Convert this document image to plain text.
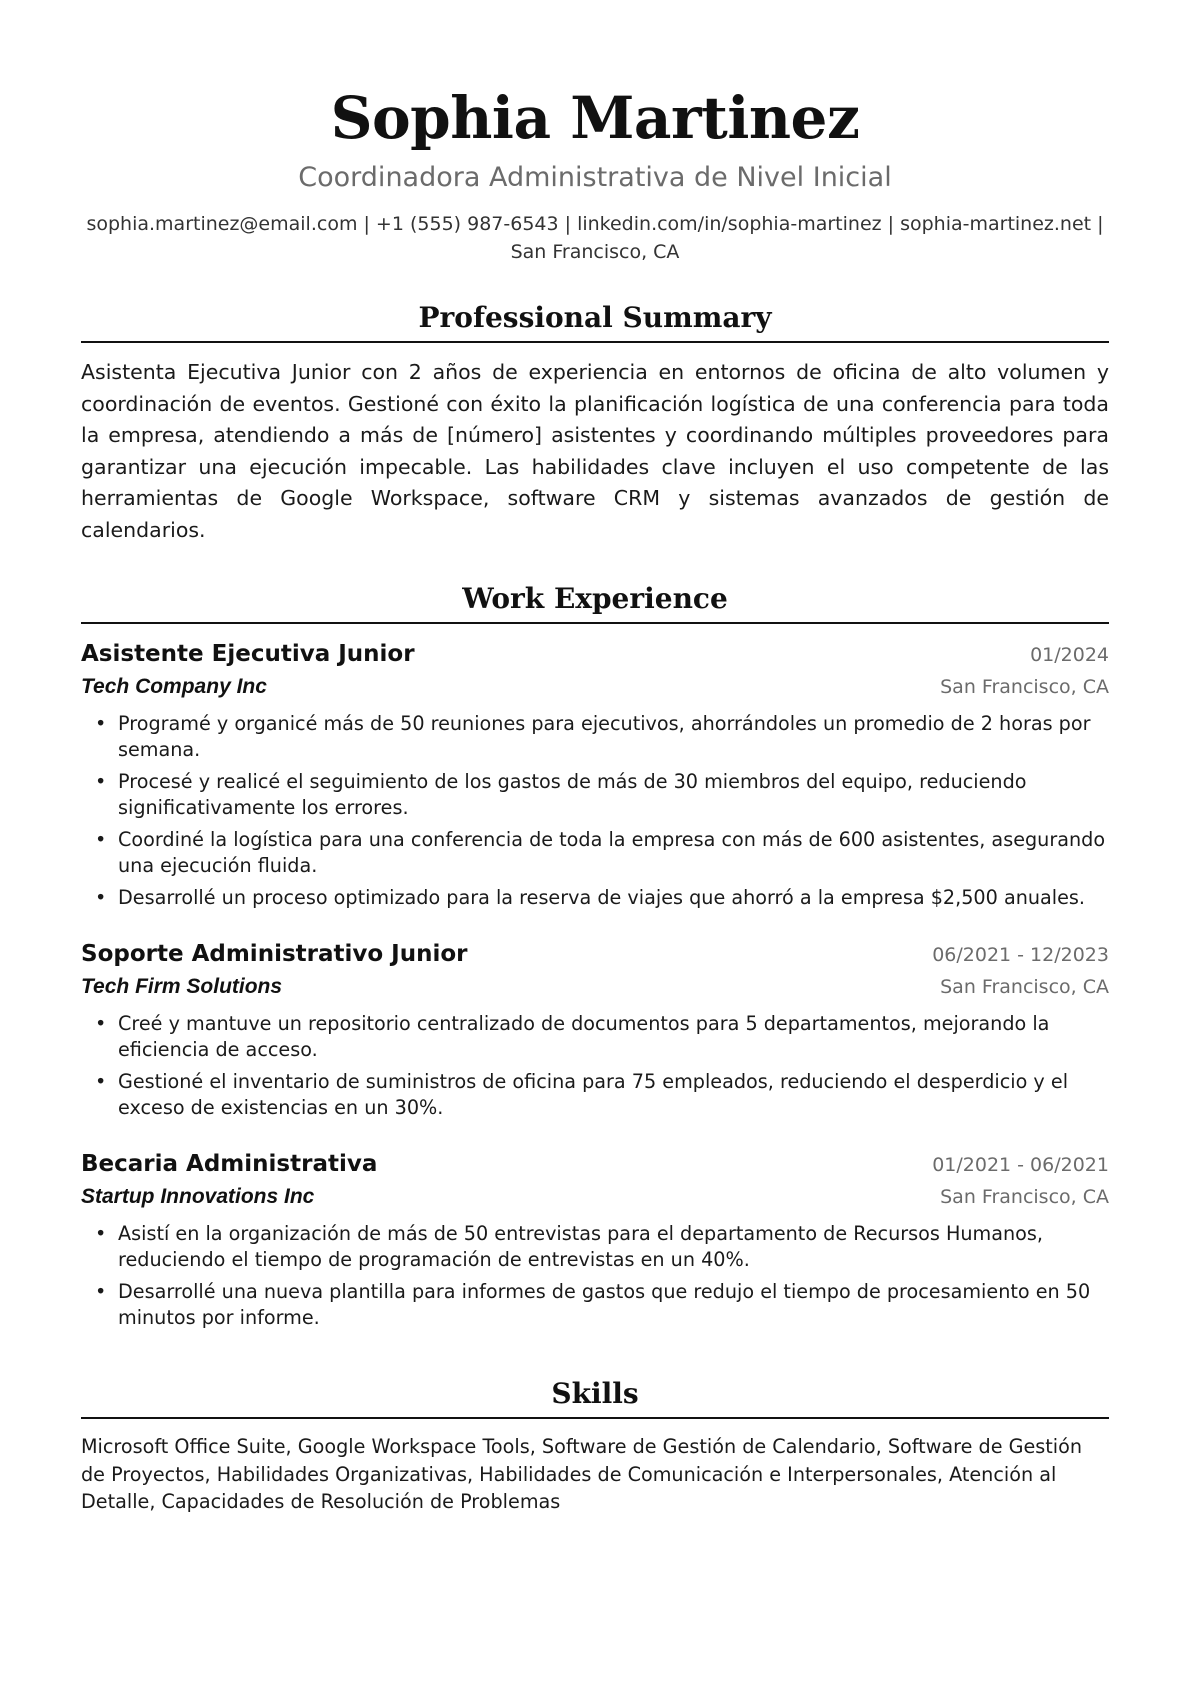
Sophia Martinez
Coordinadora Administrativa de Nivel Inicial
sophia.martinez@email.com | +1 (555) 987-6543 | linkedin.com/in/sophia-martinez | sophia-martinez.net | San Francisco, CA
Professional Summary
Asistenta Ejecutiva Junior con 2 años de experiencia en entornos de oficina de alto volumen y coordinación de eventos. Gestioné con éxito la planificación logística de una conferencia para toda la empresa, atendiendo a más de [número] asistentes y coordinando múltiples proveedores para garantizar una ejecución impecable. Las habilidades clave incluyen el uso competente de las herramientas de Google Workspace, software CRM y sistemas avanzados de gestión de calendarios.
Work Experience
Asistente Ejecutiva Junior	01/2024
Tech Company Inc	San Francisco, CA
• Programé y organicé más de 50 reuniones para ejecutivos, ahorrándoles un promedio de 2 horas por semana.
• Procesé y realicé el seguimiento de los gastos de más de 30 miembros del equipo, reduciendo significativamente los errores.
• Coordiné la logística para una conferencia de toda la empresa con más de 600 asistentes, asegurando una ejecución fluida.
• Desarrollé un proceso optimizado para la reserva de viajes que ahorró a la empresa $2,500 anuales.
Soporte Administrativo Junior	06/2021 - 12/2023
Tech Firm Solutions	San Francisco, CA
• Creé y mantuve un repositorio centralizado de documentos para 5 departamentos, mejorando la eficiencia de acceso.
• Gestioné el inventario de suministros de oficina para 75 empleados, reduciendo el desperdicio y el exceso de existencias en un 30%.
Becaria Administrativa	01/2021 - 06/2021
Startup Innovations Inc	San Francisco, CA
• Asistí en la organización de más de 50 entrevistas para el departamento de Recursos Humanos, reduciendo el tiempo de programación de entrevistas en un 40%.
• Desarrollé una nueva plantilla para informes de gastos que redujo el tiempo de procesamiento en 50 minutos por informe.
Skills
Microsoft Office Suite, Google Workspace Tools, Software de Gestión de Calendario, Software de Gestión de Proyectos, Habilidades Organizativas, Habilidades de Comunicación e Interpersonales, Atención al Detalle, Capacidades de Resolución de Problemas
